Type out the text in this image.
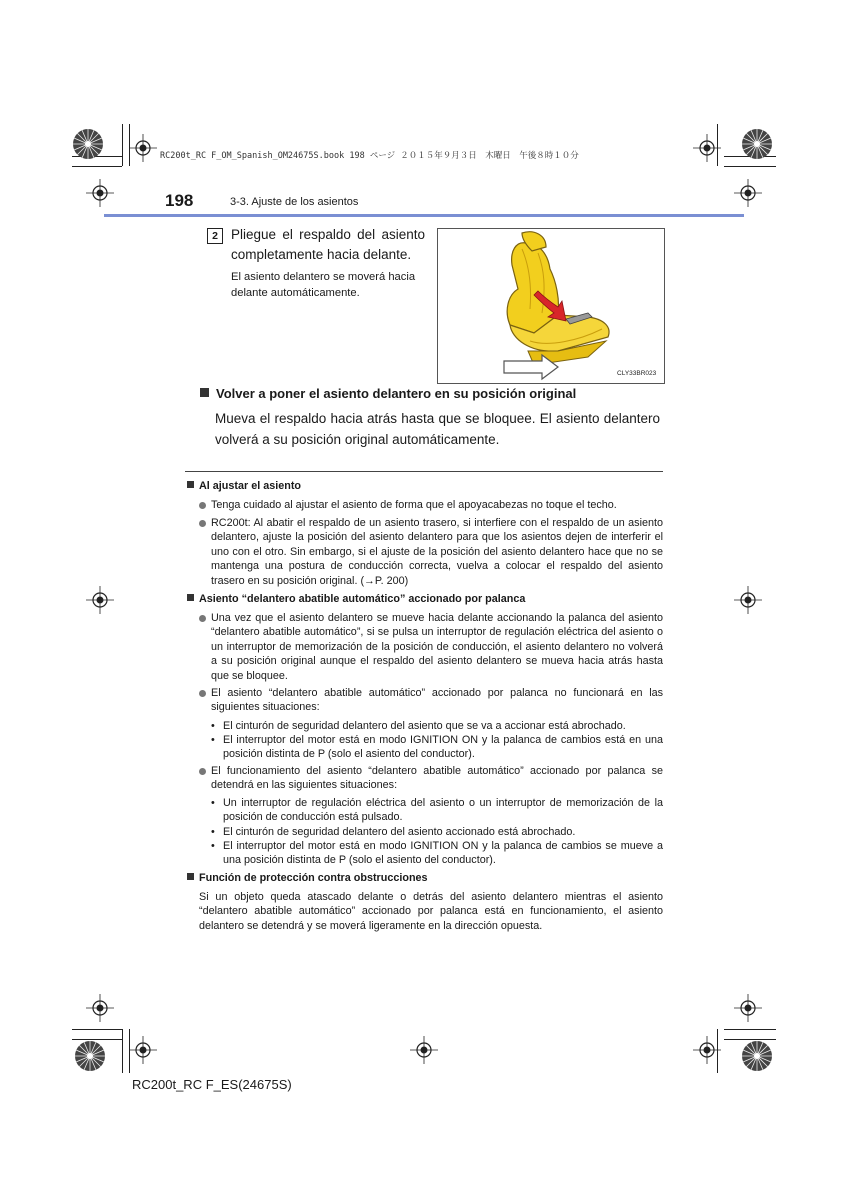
RC200t_RC F_OM_Spanish_OM24675S.book 198 ページ ２０１５年９月３日　木曜日　午後８時１０分
198	3-3. Ajuste de los asientos
2 Pliegue el respaldo del asiento completamente hacia delante.
El asiento delantero se moverá hacia delante automáticamente.
CLY33BR023
Volver a poner el asiento delantero en su posición original
Mueva el respaldo hacia atrás hasta que se bloquee. El asiento delantero volverá a su posición original automáticamente.
Al ajustar el asiento
Tenga cuidado al ajustar el asiento de forma que el apoyacabezas no toque el techo.
RC200t: Al abatir el respaldo de un asiento trasero, si interfiere con el respaldo de un asiento delantero, ajuste la posición del asiento delantero para que los asientos dejen de interferir el uno con el otro. Sin embargo, si el ajuste de la posición del asiento delantero hace que no se mantenga una postura de conducción correcta, vuelva a colocar el respaldo del asiento trasero en su posición original. (→P. 200)
Asiento “delantero abatible automático” accionado por palanca
Una vez que el asiento delantero se mueve hacia delante accionando la palanca del asiento “delantero abatible automático”, si se pulsa un interruptor de regulación eléctrica del asiento o un interruptor de memorización de la posición de conducción, el asiento delantero no volverá a su posición original aunque el respaldo del asiento delantero se mueva hacia atrás hasta que se bloquee.
El asiento “delantero abatible automático” accionado por palanca no funcionará en las siguientes situaciones:
• El cinturón de seguridad delantero del asiento que se va a accionar está abrochado.
• El interruptor del motor está en modo IGNITION ON y la palanca de cambios está en una posición distinta de P (solo el asiento del conductor).
El funcionamiento del asiento “delantero abatible automático” accionado por palanca se detendrá en las siguientes situaciones:
• Un interruptor de regulación eléctrica del asiento o un interruptor de memorización de la posición de conducción está pulsado.
• El cinturón de seguridad delantero del asiento accionado está abrochado.
• El interruptor del motor está en modo IGNITION ON y la palanca de cambios se mueve a una posición distinta de P (solo el asiento del conductor).
Función de protección contra obstrucciones
Si un objeto queda atascado delante o detrás del asiento delantero mientras el asiento “delantero abatible automático” accionado por palanca está en funcionamiento, el asiento delantero se detendrá y se moverá ligeramente en la dirección opuesta.
RC200t_RC F_ES(24675S)
